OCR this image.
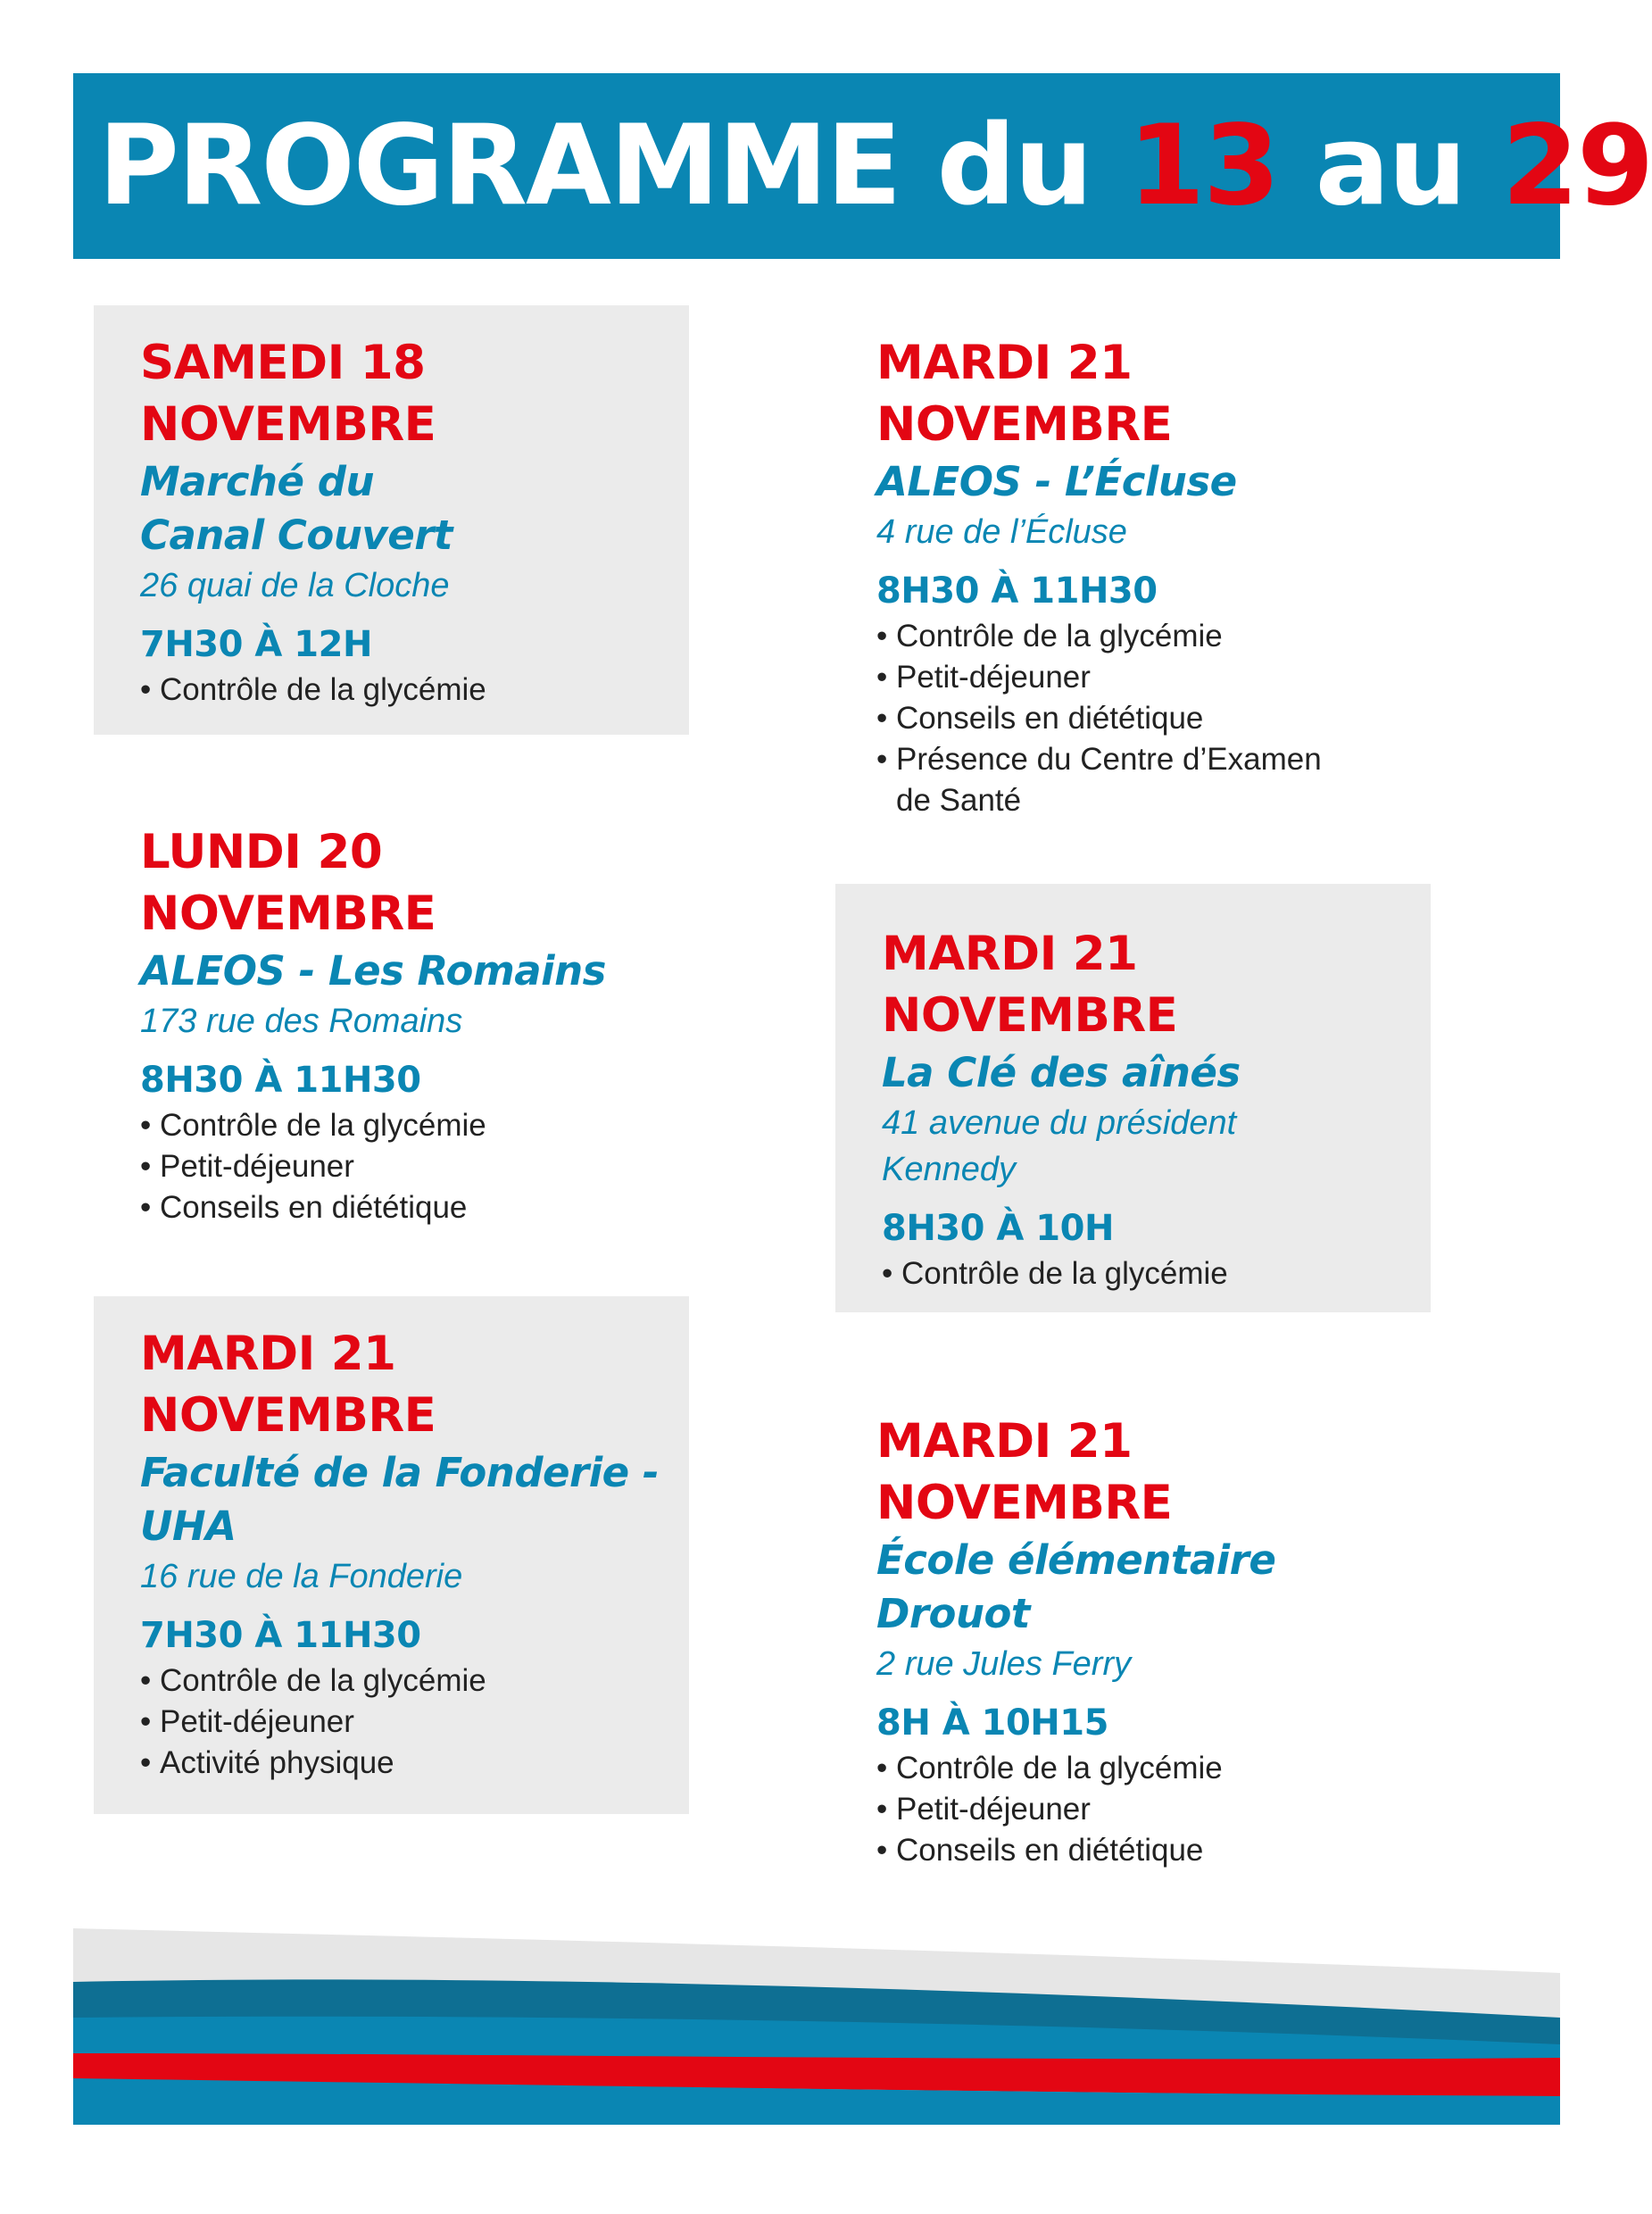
PROGRAMME du 13 au 29

SAMEDI 18

NOVEMBRE

Marché du

Canal Couvert

26 quai de la Cloche

7H30 À 12H

• Contrôle de la glycémie

MARDI 21

NOVEMBRE

ALEOS - L’Écluse

4 rue de l’Écluse

8H30 À 11H30

• Contrôle de la glycémie
• Petit-déjeuner
• Conseils en diététique
• Présence du Centre d’Examen
de Santé

LUNDI 20

NOVEMBRE

ALEOS - Les Romains

173 rue des Romains

8H30 À 11H30

• Contrôle de la glycémie
• Petit-déjeuner
• Conseils en diététique

MARDI 21

NOVEMBRE

La Clé des aînés

41 avenue du président

Kennedy

8H30 À 10H

• Contrôle de la glycémie

MARDI 21

NOVEMBRE

Faculté de la Fonderie -

UHA

16 rue de la Fonderie

7H30 À 11H30

• Contrôle de la glycémie
• Petit-déjeuner
• Activité physique

MARDI 21

NOVEMBRE

École élémentaire

Drouot

2 rue Jules Ferry

8H À 10H15

• Contrôle de la glycémie
• Petit-déjeuner
• Conseils en diététique
